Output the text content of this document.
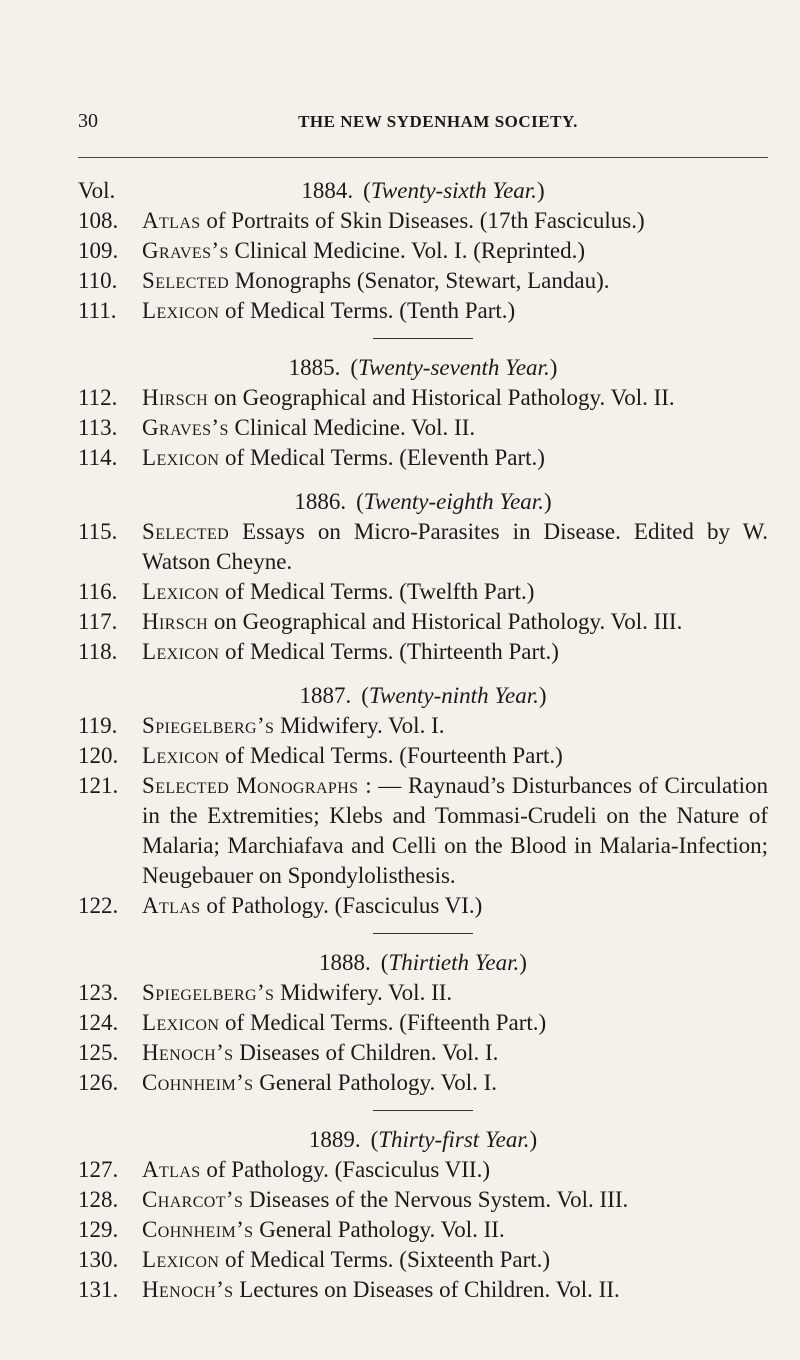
30	THE NEW SYDENHAM SOCIETY.
Vol.	1884. (Twenty-sixth Year.)
108.	Atlas of Portraits of Skin Diseases. (17th Fasciculus.)
109.	Graves’s Clinical Medicine. Vol. I. (Reprinted.)
110.	Selected Monographs (Senator, Stewart, Landau).
111.	Lexicon of Medical Terms. (Tenth Part.)
1885. (Twenty-seventh Year.)
112.	Hirsch on Geographical and Historical Pathology. Vol. II.
113.	Graves’s Clinical Medicine. Vol. II.
114.	Lexicon of Medical Terms. (Eleventh Part.)
1886. (Twenty-eighth Year.)
115.	Selected Essays on Micro-Parasites in Disease. Edited by W. Watson Cheyne.
116.	Lexicon of Medical Terms. (Twelfth Part.)
117.	Hirsch on Geographical and Historical Pathology. Vol. III.
118.	Lexicon of Medical Terms. (Thirteenth Part.)
1887. (Twenty-ninth Year.)
119.	Spiegelberg’s Midwifery. Vol. I.
120.	Lexicon of Medical Terms. (Fourteenth Part.)
121.	Selected Monographs : — Raynaud’s Disturbances of Circulation in the Extremities; Klebs and Tommasi-Crudeli on the Nature of Malaria; Marchiafava and Celli on the Blood in Malaria-Infection; Neugebauer on Spondylolisthesis.
122.	Atlas of Pathology. (Fasciculus VI.)
1888. (Thirtieth Year.)
123.	Spiegelberg’s Midwifery. Vol. II.
124.	Lexicon of Medical Terms. (Fifteenth Part.)
125.	Henoch’s Diseases of Children. Vol. I.
126.	Cohnheim’s General Pathology. Vol. I.
1889. (Thirty-first Year.)
127.	Atlas of Pathology. (Fasciculus VII.)
128.	Charcot’s Diseases of the Nervous System. Vol. III.
129.	Cohnheim’s General Pathology. Vol. II.
130.	Lexicon of Medical Terms. (Sixteenth Part.)
131.	Henoch’s Lectures on Diseases of Children. Vol. II.
